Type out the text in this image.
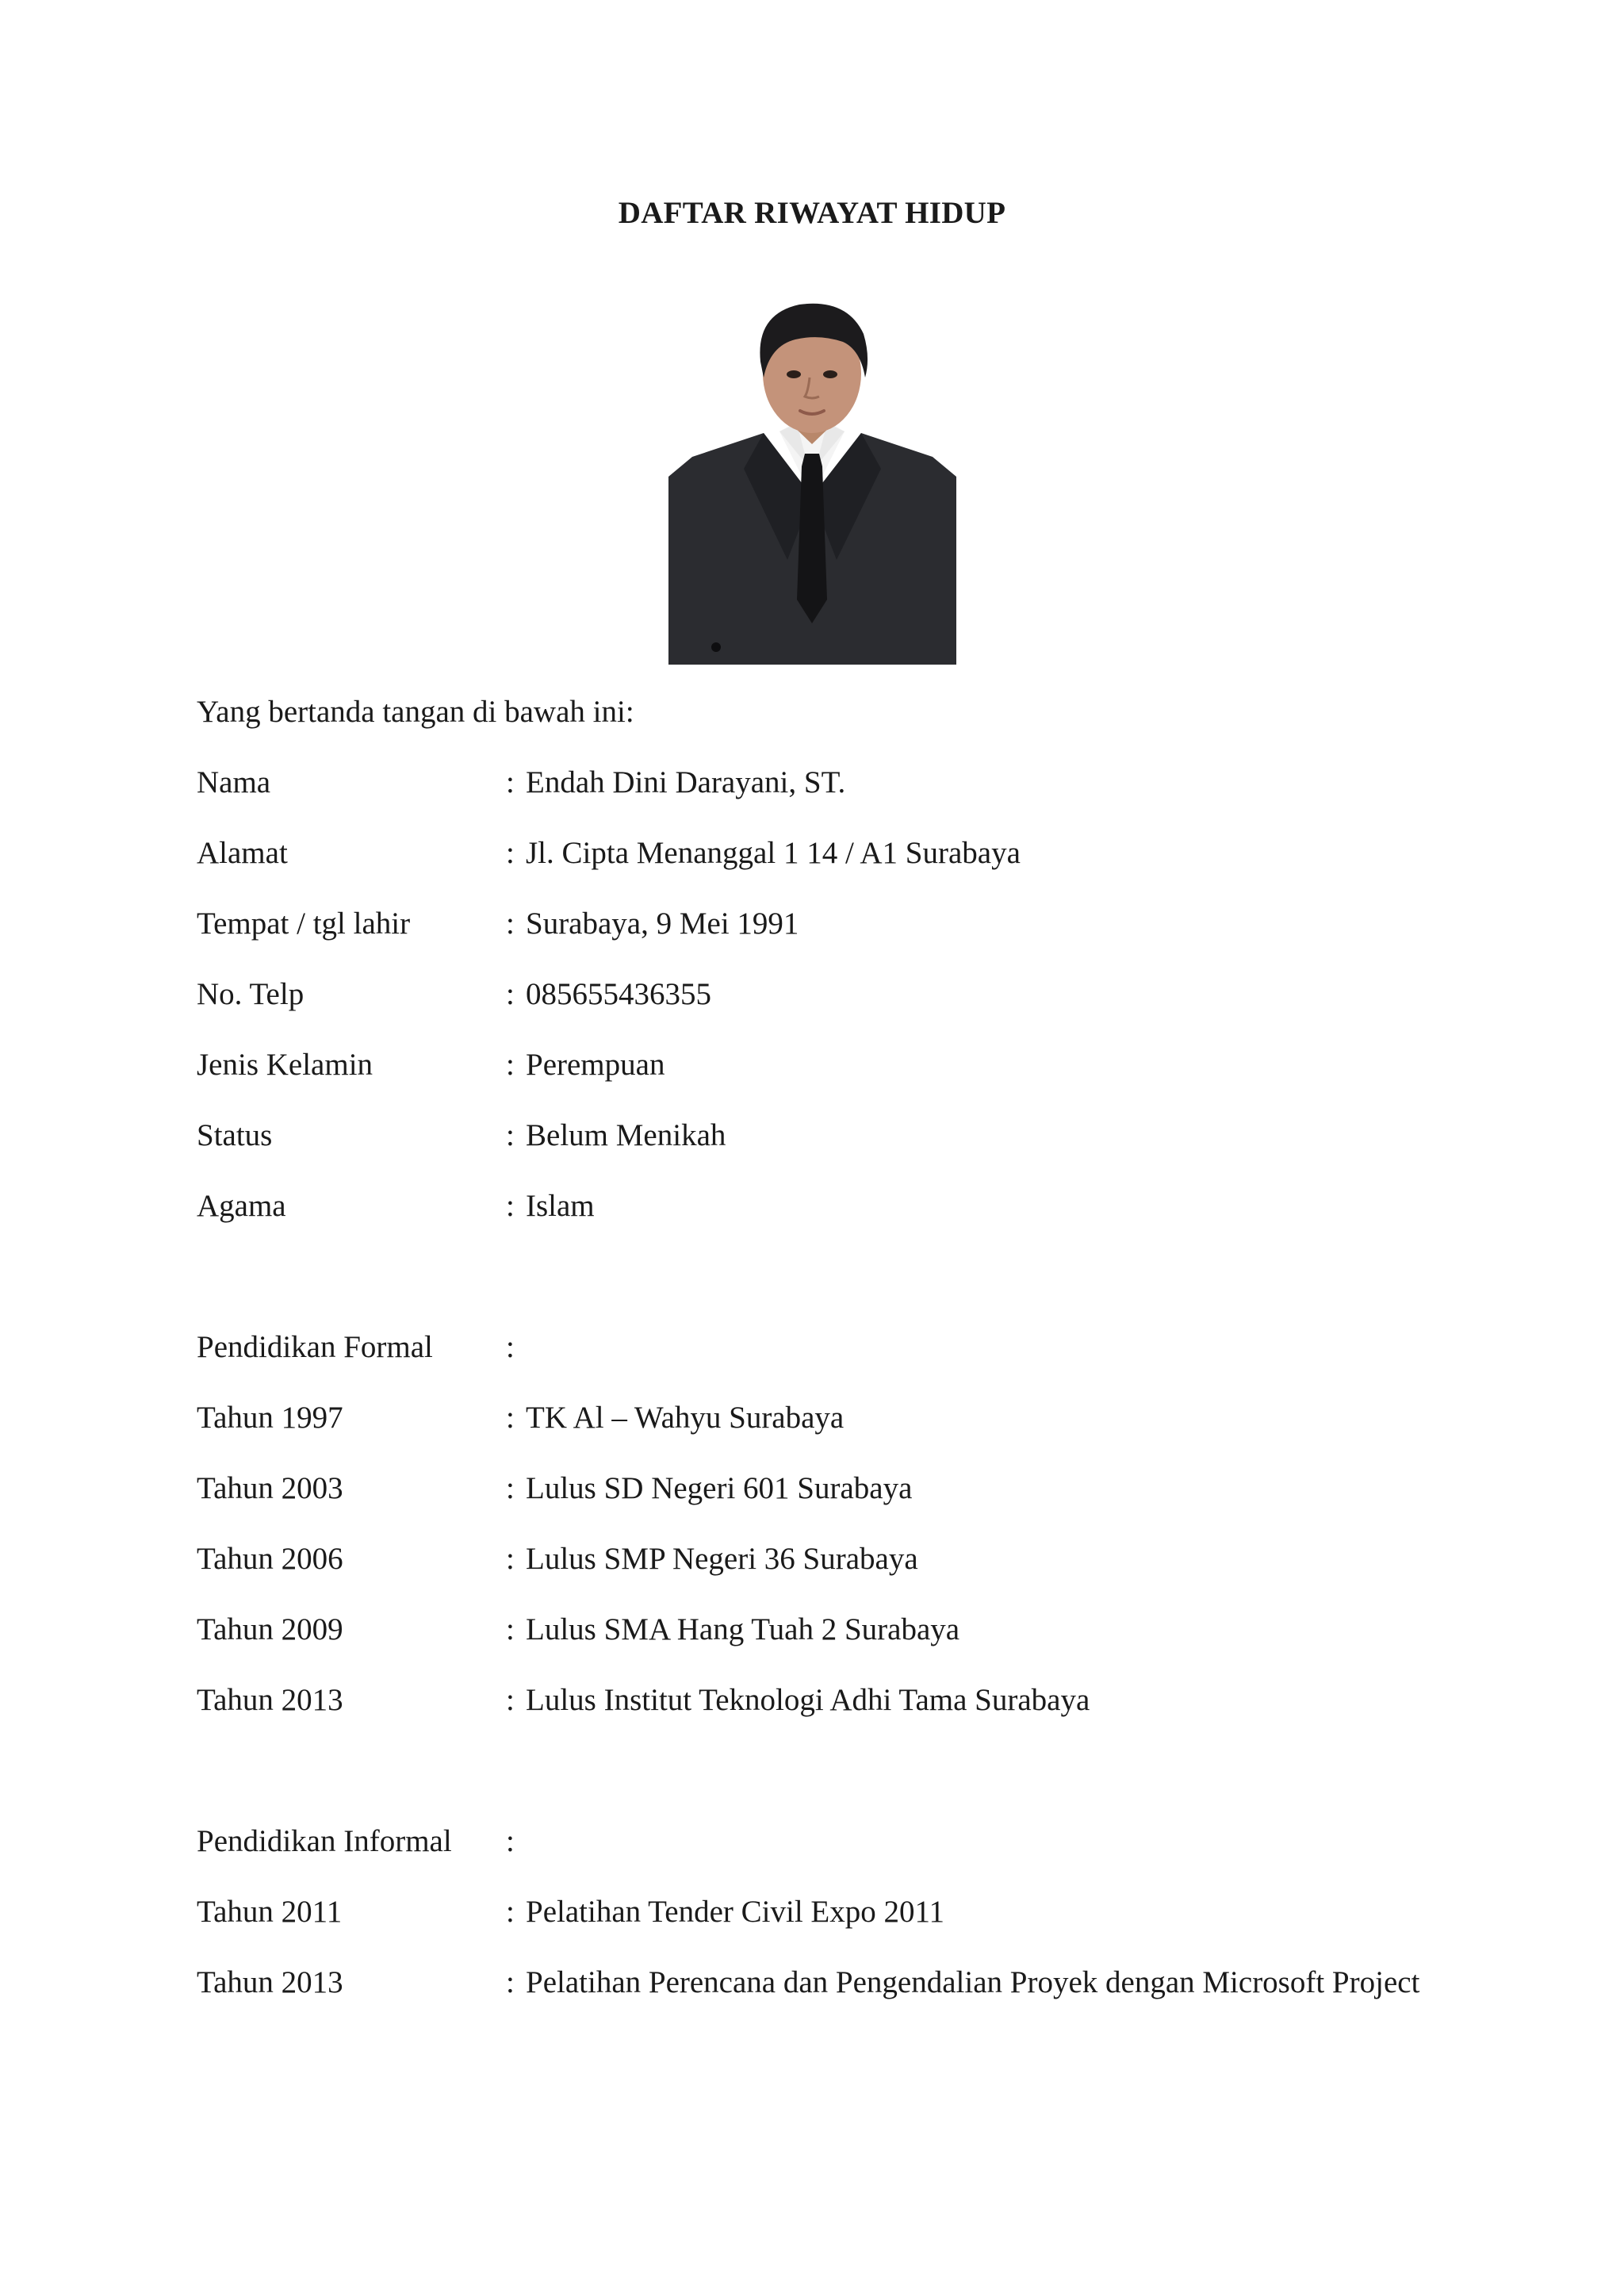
DAFTAR RIWAYAT HIDUP
Yang bertanda tangan di bawah ini:
Nama	: Endah Dini Darayani, ST.
Alamat	: Jl. Cipta Menanggal 1 14 / A1 Surabaya
Tempat / tgl lahir	: Surabaya, 9 Mei 1991
No. Telp	: 085655436355
Jenis Kelamin	: Perempuan
Status	: Belum Menikah
Agama	: Islam
Pendidikan Formal :
Tahun 1997	: TK Al – Wahyu Surabaya
Tahun 2003	: Lulus SD Negeri 601 Surabaya
Tahun 2006	: Lulus SMP Negeri 36 Surabaya
Tahun 2009	: Lulus SMA Hang Tuah 2 Surabaya
Tahun 2013	: Lulus Institut Teknologi Adhi Tama Surabaya
Pendidikan Informal :
Tahun 2011	: Pelatihan Tender Civil Expo 2011
Tahun 2013	: Pelatihan Perencana dan Pengendalian Proyek dengan Microsoft Project
